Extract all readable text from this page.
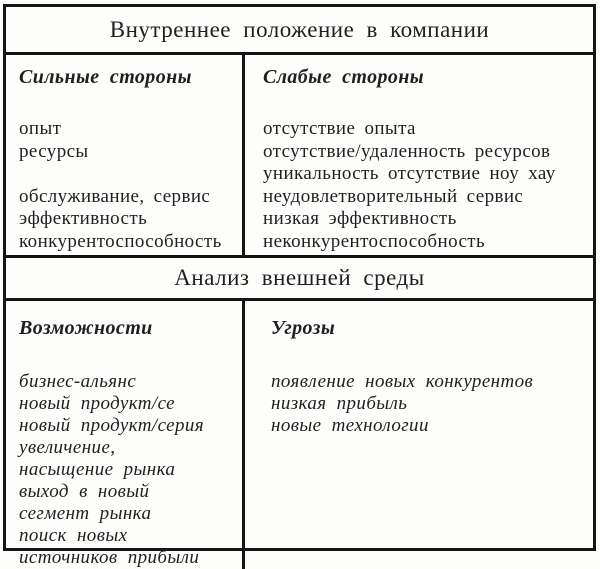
Внутреннее положение в компании
Сильные стороны
опыт
ресурсы

обслуживание, сервис
эффективность
конкурентоспособность
Слабые стороны
отсутствие опыта
отсутствие/удаленность ресурсов
уникальность отсутствие ноу хау
неудовлетворительный сервис
низкая эффективность
неконкурентоспособность
Анализ внешней среды
Возможности
бизнес-альянс
новый продукт/се
новый продукт/серия
увеличение,
насыщение рынка
выход в новый
сегмент рынка
поиск новых
источников прибыли
Угрозы
появление новых конкурентов
низкая прибыль
новые технологии
